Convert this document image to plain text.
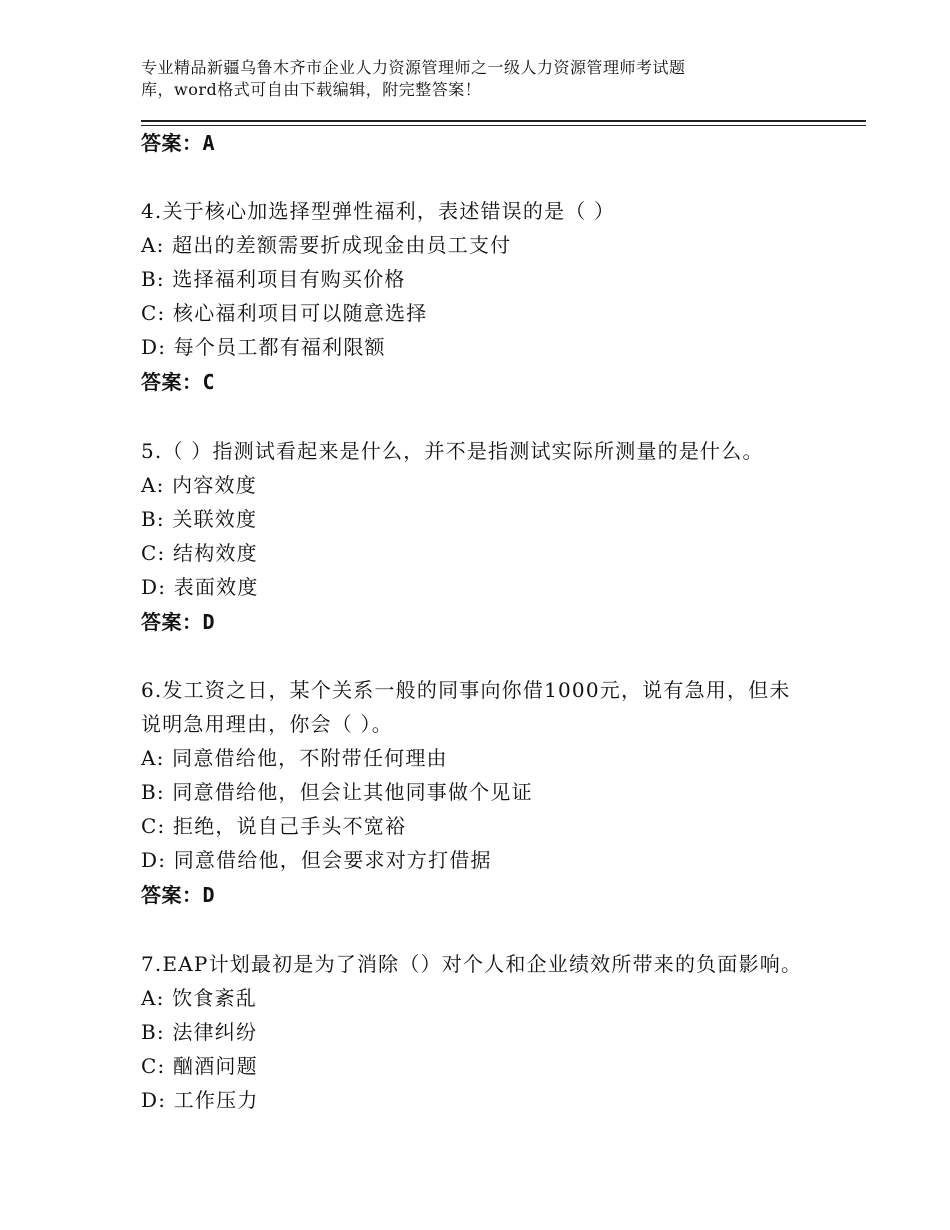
专业精品新疆乌鲁木齐市企业人力资源管理师之一级人力资源管理师考试题
库，word格式可自由下载编辑，附完整答案！
答案：A
4.关于核心加选择型弹性福利，表述错误的是（ ）
A: 超出的差额需要折成现金由员工支付
B: 选择福利项目有购买价格
C: 核心福利项目可以随意选择
D: 每个员工都有福利限额
答案：C
5.（ ）指测试看起来是什么，并不是指测试实际所测量的是什么。
A: 内容效度
B: 关联效度
C: 结构效度
D: 表面效度
答案：D
6.发工资之日，某个关系一般的同事向你借1000元，说有急用，但未
说明急用理由，你会（ ）。
A: 同意借给他，不附带任何理由
B: 同意借给他，但会让其他同事做个见证
C: 拒绝，说自己手头不宽裕
D: 同意借给他，但会要求对方打借据
答案：D
7.EAP计划最初是为了消除（）对个人和企业绩效所带来的负面影响。
A: 饮食紊乱
B: 法律纠纷
C: 酗酒问题
D: 工作压力
